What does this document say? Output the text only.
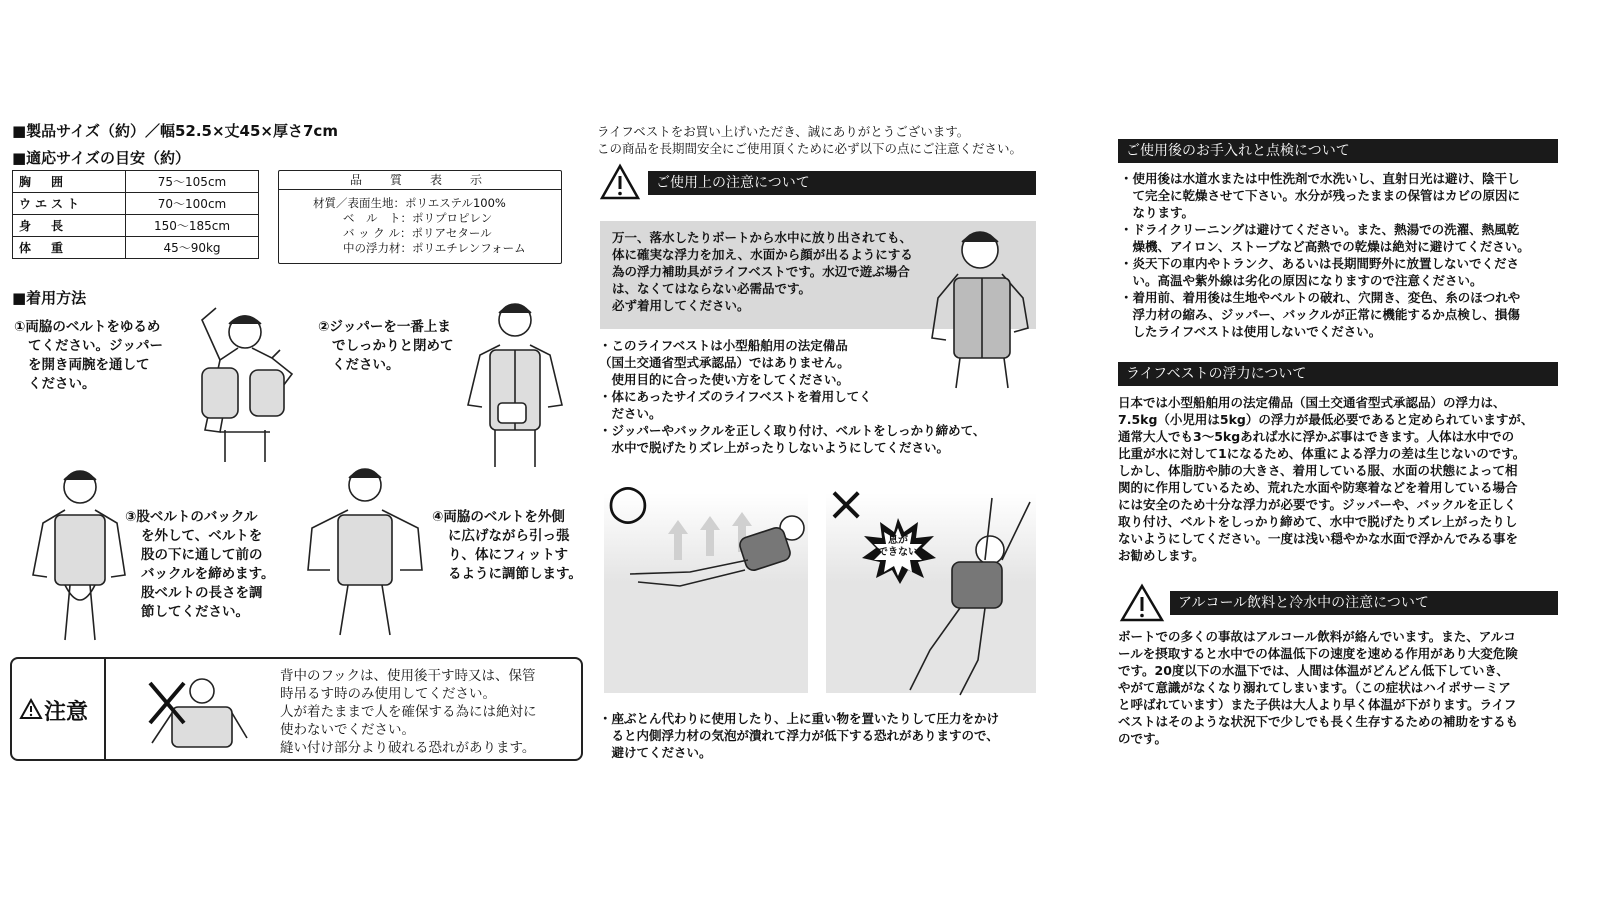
■製品サイズ（約）／幅52.5×丈45×厚さ7cm
■適応サイズの目安（約）
胸　囲	75〜105cm
ウエスト	70〜100cm
身　長	150〜185cm
体　重	45〜90kg
品　質　表　示
材質／表面生地：ポリエステル100%
ベ　ル　ト：ポリプロピレン
バ ッ ク ル：ポリアセタール
中の浮力材：ポリエチレンフォーム
■着用方法
①両脇のベルトをゆるめ
てください。ジッパー
を開き両腕を通して
ください。
②ジッパーを一番上ま
でしっかりと閉めて
ください。
③股ベルトのバックル
を外して、ベルトを
股の下に通して前の
バックルを締めます。
股ベルトの長さを調
節してください。
④両脇のベルトを外側
に広げながら引っ張
り、体にフィットす
るように調節します。
注意
背中のフックは、使用後干す時又は、保管
時吊るす時のみ使用してください。
人が着たままで人を確保する為には絶対に
使わないでください。
縫い付け部分より破れる恐れがあります。
ライフベストをお買い上げいただき、誠にありがとうございます。
この商品を長期間安全にご使用頂くために必ず以下の点にご注意ください。
ご使用上の注意について
万一、落水したりボートから水中に放り出されても、
体に確実な浮力を加え、水面から顔が出るようにする
為の浮力補助具がライフベストです。水辺で遊ぶ場合
は、なくてはならない必需品です。
必ず着用してください。
・このライフベストは小型船舶用の法定備品
（国土交通省型式承認品）ではありません。
　使用目的に合った使い方をしてください。
・体にあったサイズのライフベストを着用してく
　ださい。
・ジッパーやバックルを正しく取り付け、ベルトをしっかり締めて、
　水中で脱げたりズレ上がったりしないようにしてください。
○	×
息が
できない
・座ぶとん代わりに使用したり、上に重い物を置いたりして圧力をかけ
　ると内側浮力材の気泡が潰れて浮力が低下する恐れがありますので、
　避けてください。
ご使用後のお手入れと点検について
・使用後は水道水または中性洗剤で水洗いし、直射日光は避け、陰干し
　て完全に乾燥させて下さい。水分が残ったままの保管はカビの原因に
　なります。
・ドライクリーニングは避けてください。また、熱湯での洗濯、熱風乾
　燥機、アイロン、ストーブなど高熱での乾燥は絶対に避けてください。
・炎天下の車内やトランク、あるいは長期間野外に放置しないでくださ
　い。高温や紫外線は劣化の原因になりますので注意ください。
・着用前、着用後は生地やベルトの破れ、穴開き、変色、糸のほつれや
　浮力材の縮み、ジッパー、バックルが正常に機能するか点検し、損傷
　したライフベストは使用しないでください。
ライフベストの浮力について
日本では小型船舶用の法定備品（国土交通省型式承認品）の浮力は、
7.5kg（小児用は5kg）の浮力が最低必要であると定められていますが、
通常大人でも3〜5kgあれば水に浮かぶ事はできます。人体は水中での
比重が水に対して1になるため、体重による浮力の差は生じないのです。
しかし、体脂肪や肺の大きさ、着用している服、水面の状態によって相
関的に作用しているため、荒れた水面や防寒着などを着用している場合
には安全のため十分な浮力が必要です。ジッパーや、バックルを正しく
取り付け、ベルトをしっかり締めて、水中で脱げたりズレ上がったりし
ないようにしてください。一度は浅い穏やかな水面で浮かんでみる事を
お勧めします。
アルコール飲料と冷水中の注意について
ボートでの多くの事故はアルコール飲料が絡んでいます。また、アルコ
ールを摂取すると水中での体温低下の速度を速める作用があり大変危険
です。20度以下の水温下では、人間は体温がどんどん低下していき、
やがて意識がなくなり溺れてしまいます。（この症状はハイポサーミア
と呼ばれています）また子供は大人より早く体温が下がります。ライフ
ベストはそのような状況下で少しでも長く生存するための補助をするも
のです。
